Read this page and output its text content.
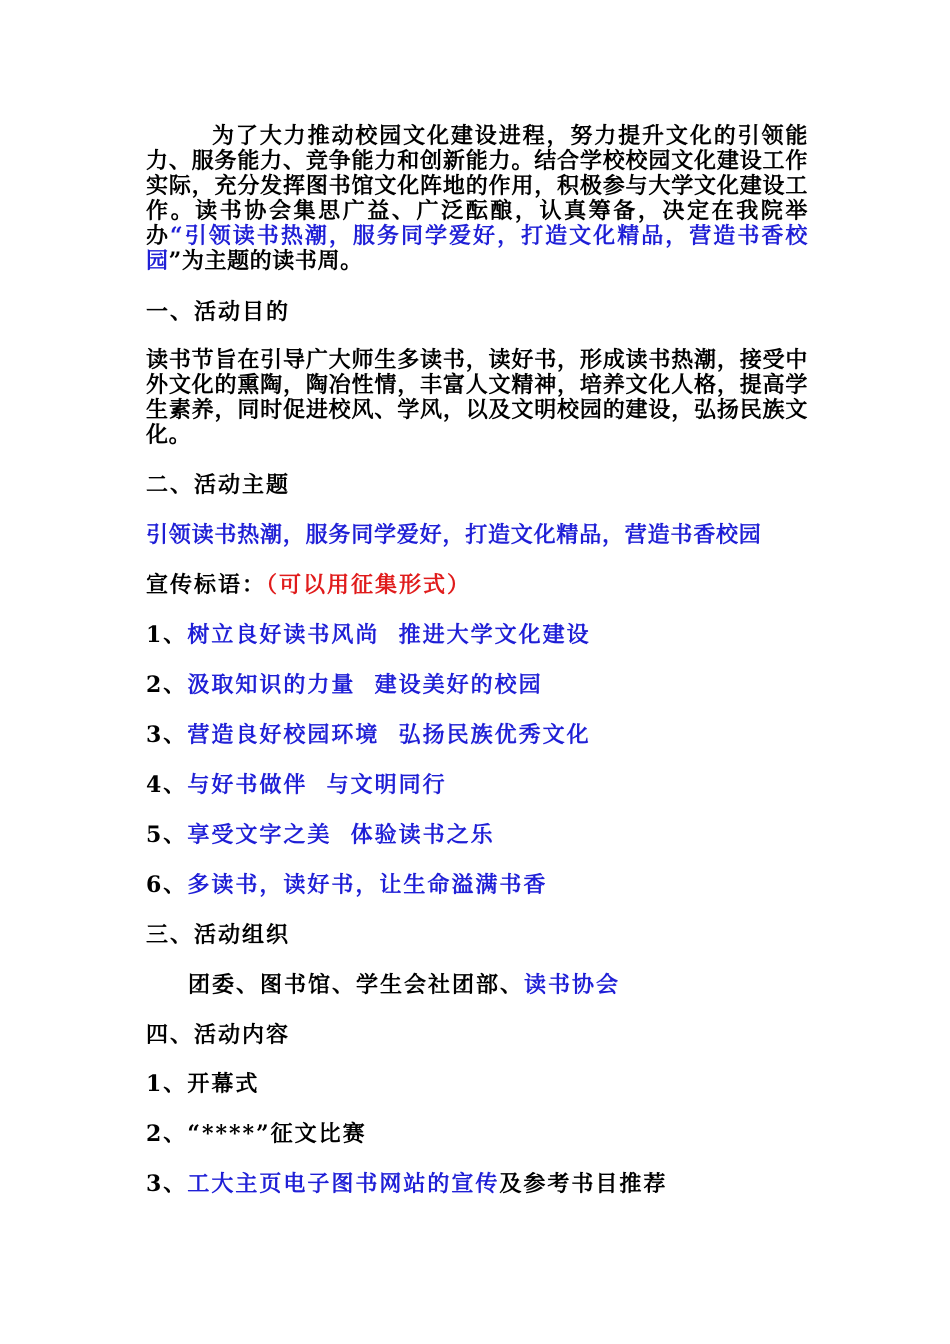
为了大力推动校园文化建设进程，努力提升文化的引领能力、服务能力、竞争能力和创新能力。结合学校校园文化建设工作实际，充分发挥图书馆文化阵地的作用，积极参与大学文化建设工作。读书协会集思广益、广泛酝酿，认真筹备，决定在我院举办“引领读书热潮，服务同学爱好，打造文化精品，营造书香校园”为主题的读书周。
一、活动目的
读书节旨在引导广大师生多读书，读好书，形成读书热潮，接受中外文化的熏陶，陶冶性情，丰富人文精神，培养文化人格，提高学生素养，同时促进校风、学风，以及文明校园的建设，弘扬民族文化。
二、活动主题
引领读书热潮，服务同学爱好，打造文化精品，营造书香校园
宣传标语：（可以用征集形式）
1、树立良好读书风尚  推进大学文化建设
2、汲取知识的力量  建设美好的校园
3、营造良好校园环境  弘扬民族优秀文化
4、与好书做伴  与文明同行
5、享受文字之美  体验读书之乐
6、多读书，读好书，让生命溢满书香
三、活动组织
团委、图书馆、学生会社团部、读书协会
四、活动内容
1、开幕式
2、“****”征文比赛
3、工大主页电子图书网站的宣传及参考书目推荐
